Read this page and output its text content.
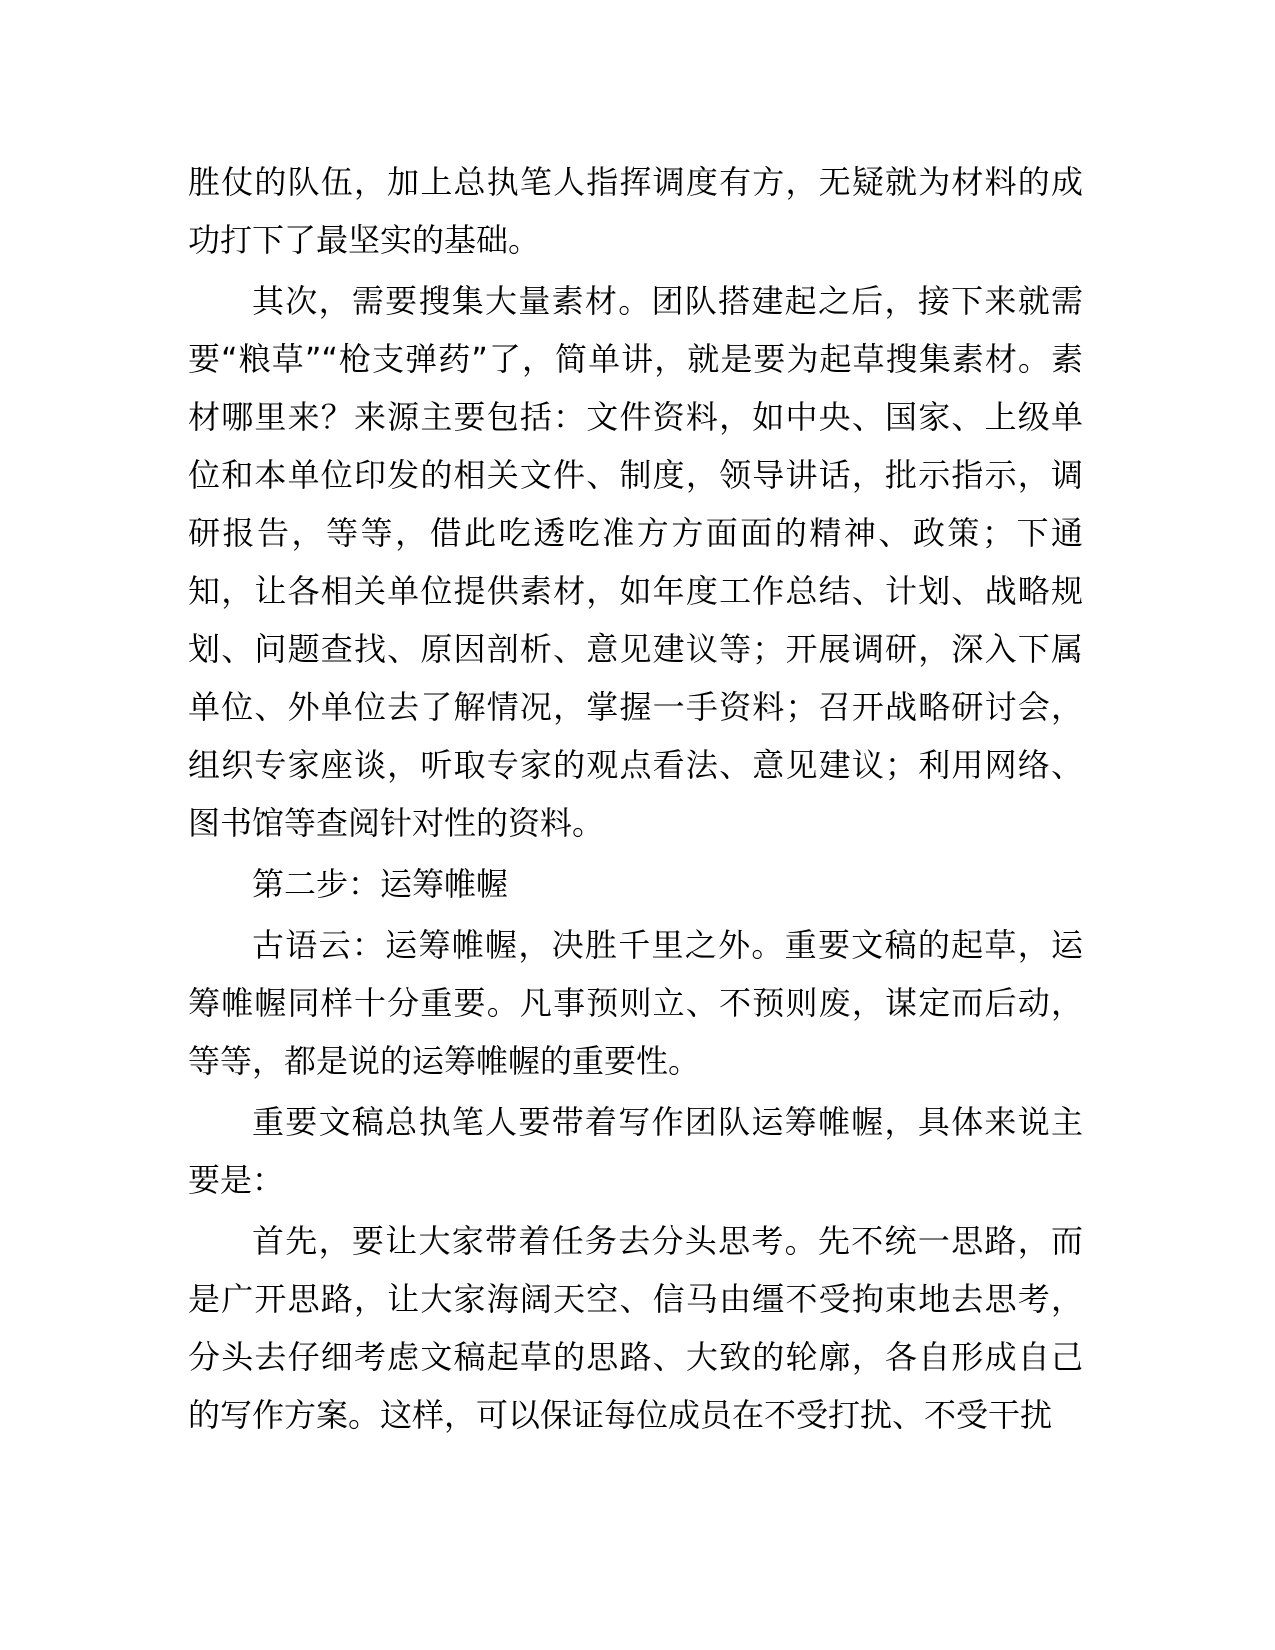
胜仗的队伍，加上总执笔人指挥调度有方，无疑就为材料的成功打下了最坚实的基础。

其次，需要搜集大量素材。团队搭建起之后，接下来就需要“粮草”“枪支弹药”了，简单讲，就是要为起草搜集素材。素材哪里来？来源主要包括：文件资料，如中央、国家、上级单位和本单位印发的相关文件、制度，领导讲话，批示指示，调研报告，等等，借此吃透吃准方方面面的精神、政策；下通知，让各相关单位提供素材，如年度工作总结、计划、战略规划、问题查找、原因剖析、意见建议等；开展调研，深入下属单位、外单位去了解情况，掌握一手资料；召开战略研讨会，组织专家座谈，听取专家的观点看法、意见建议；利用网络、图书馆等查阅针对性的资料。

第二步：运筹帷幄

古语云：运筹帷幄，决胜千里之外。重要文稿的起草，运筹帷幄同样十分重要。凡事预则立、不预则废，谋定而后动，等等，都是说的运筹帷幄的重要性。

重要文稿总执笔人要带着写作团队运筹帷幄，具体来说主要是：

首先，要让大家带着任务去分头思考。先不统一思路，而是广开思路，让大家海阔天空、信马由缰不受拘束地去思考，分头去仔细考虑文稿起草的思路、大致的轮廓，各自形成自己的写作方案。这样，可以保证每位成员在不受打扰、不受干扰
